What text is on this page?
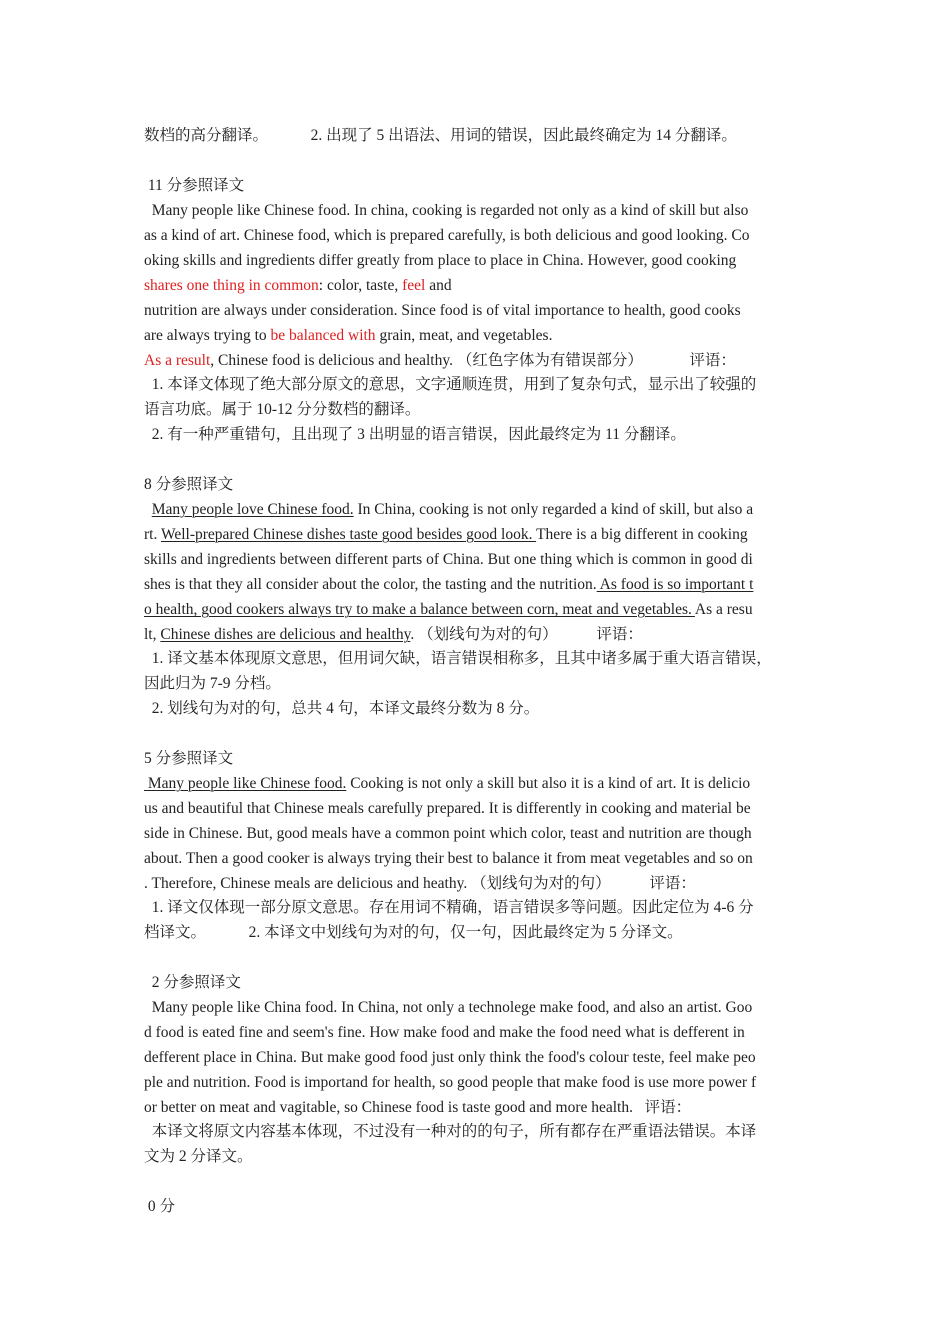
数档的高分翻译。           2. 出现了 5 出语法、用词的错误，因此最终确定为 14 分翻译。
11 分参照译文
Many people like Chinese food. In china, cooking is regarded not only as a kind of skill but also
as a kind of art. Chinese food, which is prepared carefully, is both delicious and good looking. Co
oking skills and ingredients differ greatly from place to place in China. However, good cooking
shares one thing in common: color, taste, feel and
nutrition are always under consideration. Since food is of vital importance to health, good cooks
are always trying to be balanced with grain, meat, and vegetables.
As a result, Chinese food is delicious and healthy. （红色字体为有错误部分）            评语：
1. 本译文体现了绝大部分原文的意思，文字通顺连贯，用到了复杂句式，显示出了较强的
语言功底。属于 10-12 分分数档的翻译。
2. 有一种严重错句，且出现了 3 出明显的语言错误，因此最终定为 11 分翻译。
8 分参照译文
Many people love Chinese food. In China, cooking is not only regarded a kind of skill, but also a
rt. Well-prepared Chinese dishes taste good besides good look. There is a big different in cooking
skills and ingredients between different parts of China. But one thing which is common in good di
shes is that they all consider about the color, the tasting and the nutrition. As food is so important t
o health, good cookers always try to make a balance between corn, meat and vegetables. As a resu
lt, Chinese dishes are delicious and healthy. （划线句为对的句）          评语：
1. 译文基本体现原文意思，但用词欠缺，语言错误相称多，且其中诸多属于重大语言错误，
因此归为 7-9 分档。
2. 划线句为对的句，总共 4 句，本译文最终分数为 8 分。
5 分参照译文
Many people like Chinese food. Cooking is not only a skill but also it is a kind of art. It is delicio
us and beautiful that Chinese meals carefully prepared. It is differently in cooking and material be
side in Chinese. But, good meals have a common point which color, teast and nutrition are though
about. Then a good cooker is always trying their best to balance it from meat vegetables and so on
. Therefore, Chinese meals are delicious and heathy. （划线句为对的句）          评语：
1. 译文仅体现一部分原文意思。存在用词不精确，语言错误多等问题。因此定位为 4-6 分
档译文。           2. 本译文中划线句为对的句，仅一句，因此最终定为 5 分译文。
2 分参照译文
Many people like China food. In China, not only a technolege make food, and also an artist. Goo
d food is eated fine and seem's fine. How make food and make the food need what is defferent in
defferent place in China. But make good food just only think the food's colour teste, feel make peo
ple and nutrition. Food is importand for health, so good people that make food is use more power f
or better on meat and vagitable, so Chinese food is taste good and more health.   评语：
本译文将原文内容基本体现，不过没有一种对的的句子，所有都存在严重语法错误。本译
文为 2 分译文。
0 分
